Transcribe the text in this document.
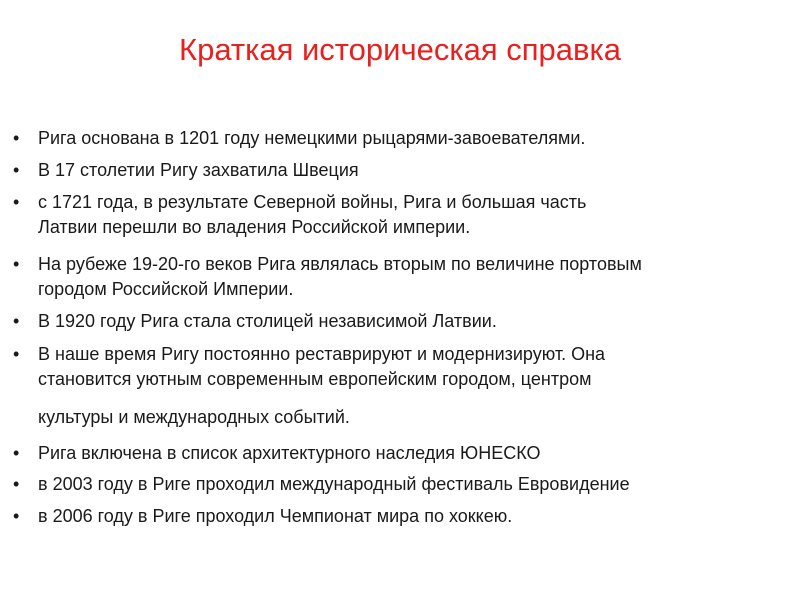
Краткая историческая справка
• Рига основана в 1201 году немецкими рыцарями-завоевателями.
• В 17 столетии Ригу захватила Швеция
• с 1721 года, в результате Северной войны, Рига и большая часть
Латвии перешли во владения Российской империи.
• На рубеже 19-20-го веков Рига являлась вторым по величине портовым
городом Российской Империи.
• В 1920 году Рига стала столицей независимой Латвии.
• В наше время Ригу постоянно реставрируют и модернизируют. Она
становится уютным современным европейским городом, центром
культуры и международных событий.
• Рига включена в список архитектурного наследия ЮНЕСКО
• в 2003 году в Риге проходил международный фестиваль Евровидение
• в 2006 году в Риге проходил Чемпионат мира по хоккею.
